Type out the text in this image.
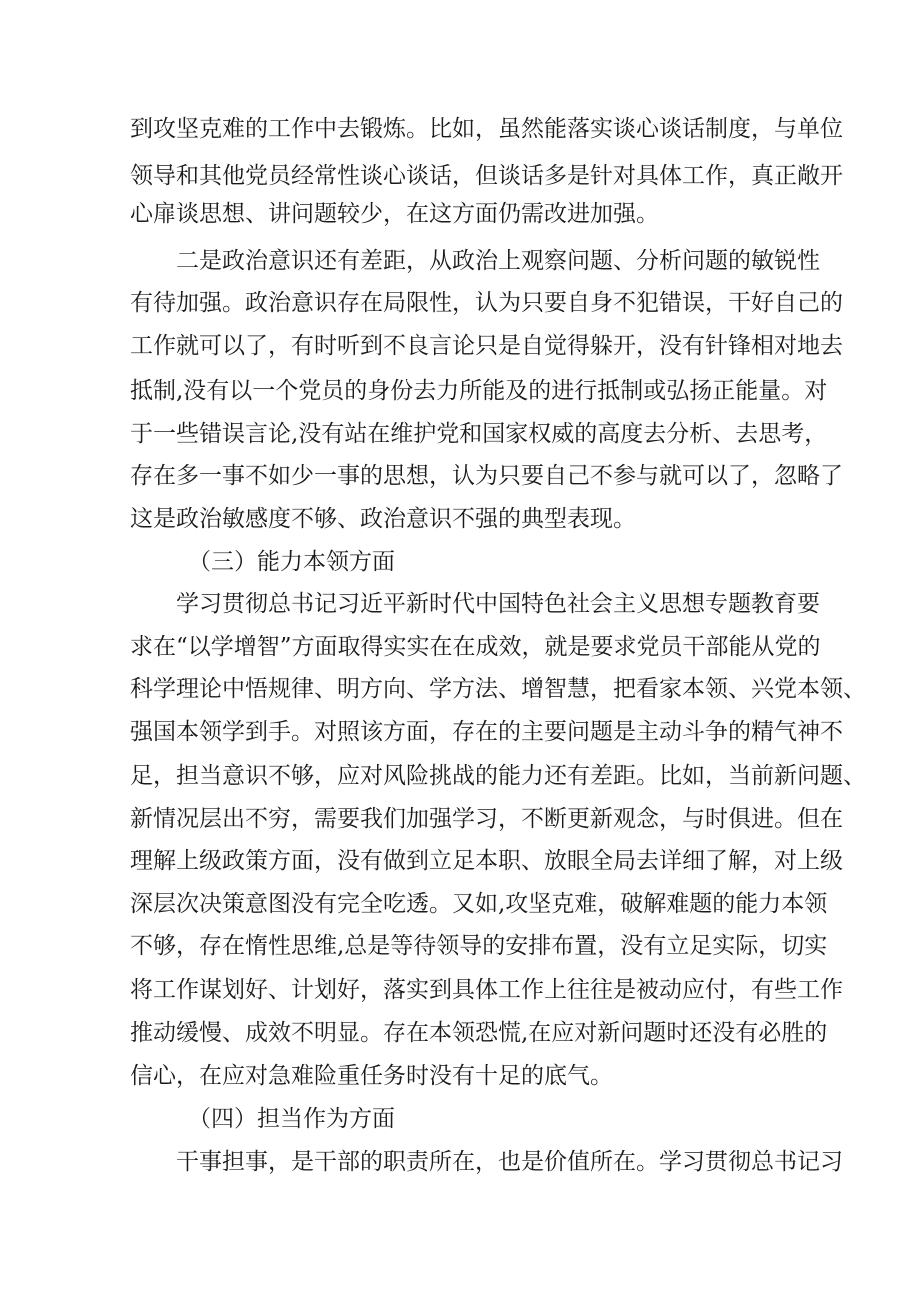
到攻坚克难的工作中去锻炼。比如，虽然能落实谈心谈话制度，与单位
领导和其他党员经常性谈心谈话，但谈话多是针对具体工作，真正敞开
心扉谈思想、讲问题较少，在这方面仍需改进加强。
二是政治意识还有差距，从政治上观察问题、分析问题的敏锐性
有待加强。政治意识存在局限性，认为只要自身不犯错误，干好自己的
工作就可以了，有时听到不良言论只是自觉得躲开，没有针锋相对地去
抵制,没有以一个党员的身份去力所能及的进行抵制或弘扬正能量。对
于一些错误言论,没有站在维护党和国家权威的高度去分析、去思考，
存在多一事不如少一事的思想，认为只要自己不参与就可以了，忽略了
这是政治敏感度不够、政治意识不强的典型表现。
（三）能力本领方面
学习贯彻总书记习近平新时代中国特色社会主义思想专题教育要
求在“以学增智”方面取得实实在在成效，就是要求党员干部能从党的
科学理论中悟规律、明方向、学方法、增智慧，把看家本领、兴党本领、
强国本领学到手。对照该方面，存在的主要问题是主动斗争的精气神不
足，担当意识不够，应对风险挑战的能力还有差距。比如，当前新问题、
新情况层出不穷，需要我们加强学习，不断更新观念，与时俱进。但在
理解上级政策方面，没有做到立足本职、放眼全局去详细了解，对上级
深层次决策意图没有完全吃透。又如,攻坚克难，破解难题的能力本领
不够，存在惰性思维,总是等待领导的安排布置，没有立足实际，切实
将工作谋划好、计划好，落实到具体工作上往往是被动应付，有些工作
推动缓慢、成效不明显。存在本领恐慌,在应对新问题时还没有必胜的
信心，在应对急难险重任务时没有十足的底气。
（四）担当作为方面
干事担事，是干部的职责所在，也是价值所在。学习贯彻总书记习
